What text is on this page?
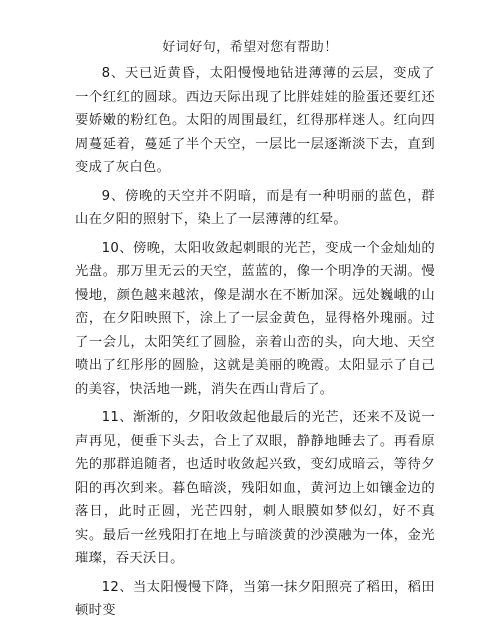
好词好句，希望对您有帮助！

8、天已近黄昏，太阳慢慢地钻进薄薄的云层，变成了一个红红的圆球。西边天际出现了比胖娃娃的脸蛋还要红还要娇嫩的粉红色。太阳的周围最红，红得那样迷人。红向四周蔓延着，蔓延了半个天空，一层比一层逐渐淡下去，直到变成了灰白色。

9、傍晚的天空并不阴暗，而是有一种明丽的蓝色，群山在夕阳的照射下，染上了一层薄薄的红晕。

10、傍晚，太阳收敛起刺眼的光芒，变成一个金灿灿的光盘。那万里无云的天空，蓝蓝的，像一个明净的天湖。慢慢地，颜色越来越浓，像是湖水在不断加深。远处巍峨的山峦，在夕阳映照下，涂上了一层金黄色，显得格外瑰丽。过了一会儿，太阳笑红了圆脸，亲着山峦的头，向大地、天空喷出了红彤彤的圆脸，这就是美丽的晚霞。太阳显示了自己的美容，快活地一跳，消失在西山背后了。

11、渐渐的，夕阳收敛起他最后的光芒，还来不及说一声再见，便垂下头去，合上了双眼，静静地睡去了。再看原先的那群追随者，也适时收敛起兴致，变幻成暗云，等待夕阳的再次到来。暮色暗淡，残阳如血，黄河边上如镶金边的落日，此时正圆，光芒四射，刺人眼膜如梦似幻，好不真实。最后一丝残阳打在地上与暗淡黄的沙漠融为一体，金光璀璨，吞天沃日。

12、当太阳慢慢下降，当第一抹夕阳照亮了稻田，稻田顿时变
